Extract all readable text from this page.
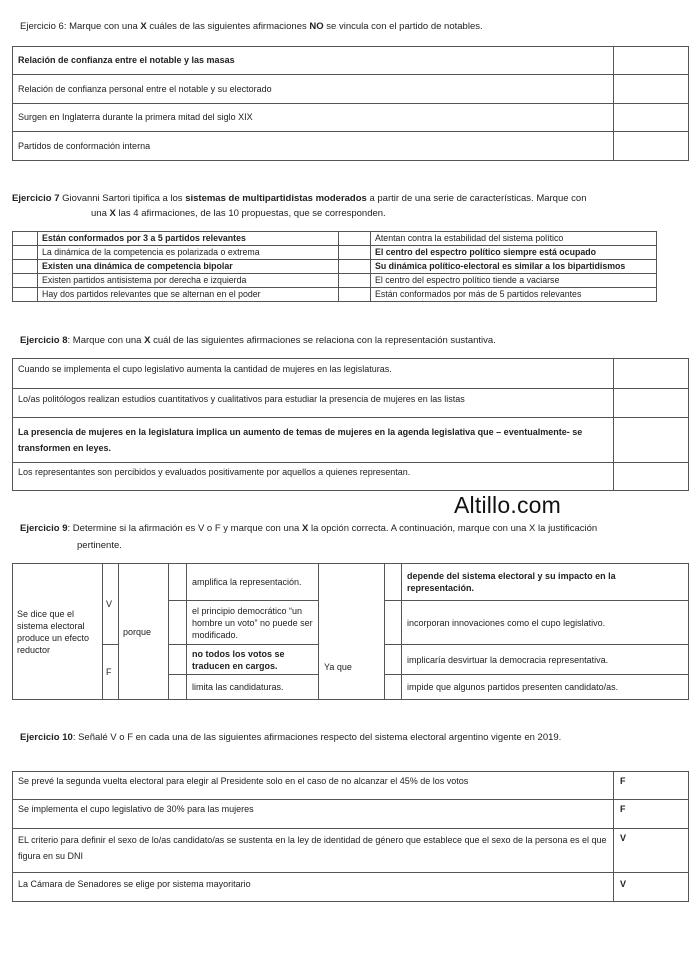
Ejercicio 6: Marque con una X cuáles de las siguientes afirmaciones NO se vincula con el partido de notables.
Relación de confianza entre el notable y las masas	
Relación de confianza personal entre el notable y su electorado	
Surgen en Inglaterra durante la primera mitad del siglo XIX	
Partidos de conformación interna	
Ejercicio 7 Giovanni Sartori tipifica a los sistemas de multipartidistas moderados a partir de una serie de características. Marque con
una X las 4 afirmaciones, de las 10 propuestas, que se corresponden.
	Están conformados por 3 a 5 partidos relevantes		Atentan contra la estabilidad del sistema político
	La dinámica de la competencia es polarizada o extrema		El centro del espectro político siempre está ocupado
	Existen una dinámica de competencia bipolar		Su dinámica político-electoral es similar a los bipartidismos
	Existen partidos antisistema por derecha e izquierda		El centro del espectro político tiende a vaciarse
	Hay dos partidos relevantes que se alternan en el poder		Están conformados por más de 5 partidos relevantes
Ejercicio 8: Marque con una X cuál de las siguientes afirmaciones se relaciona con la representación sustantiva.
Cuando se implementa el cupo legislativo aumenta la cantidad de mujeres en las legislaturas.	
Lo/as politólogos realizan estudios cuantitativos y cualitativos para estudiar la presencia de mujeres en las listas	
La presencia de mujeres en la legislatura implica un aumento de temas de mujeres en la agenda legislativa que – eventualmente- se transformen en leyes.	
Los representantes son percibidos y evaluados positivamente por aquellos a quienes representan.	
Altillo.com
Ejercicio 9: Determine si la afirmación es V o F y marque con una X la opción correcta. A continuación, marque con una X la justificación
pertinente.
Se dice que el sistema electoral produce un efecto reductor	V	porque		amplifica la representación.	Ya que		depende del sistema electoral y su impacto en la representación.
				el principio democrático “un hombre un voto” no puede ser modificado.			incorporan innovaciones como el cupo legislativo.
	F			no todos los votos se traducen en cargos.			implicaría desvirtuar la democracia representativa.
				limita las candidaturas.			impide que algunos partidos presenten candidato/as.
Ejercicio 10: Señalé V o F en cada una de las siguientes afirmaciones respecto del sistema electoral argentino vigente en 2019.
Se prevé la segunda vuelta electoral para elegir al Presidente solo en el caso de no alcanzar el 45% de los votos	F
Se implementa el cupo legislativo de 30% para las mujeres	F
EL criterio para definir el sexo de lo/as candidato/as se sustenta en la ley de identidad de género que establece que el sexo de la persona es el que figura en su DNI	V
La Cámara de Senadores se elige por sistema mayoritario	V
